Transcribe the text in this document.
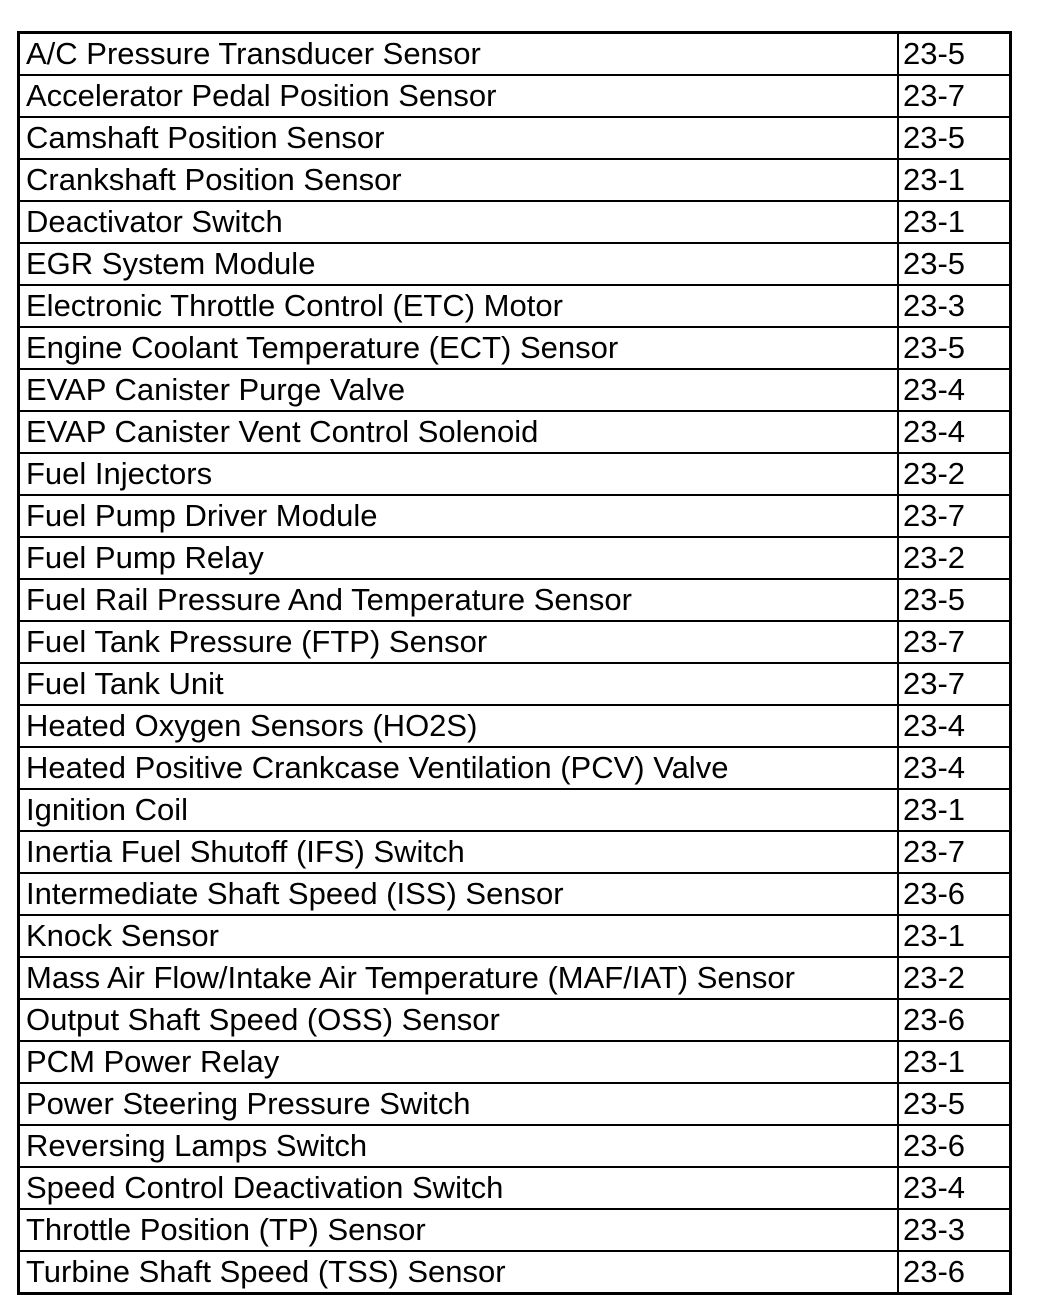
A/C Pressure Transducer Sensor	23-5
Accelerator Pedal Position Sensor	23-7
Camshaft Position Sensor	23-5
Crankshaft Position Sensor	23-1
Deactivator Switch	23-1
EGR System Module	23-5
Electronic Throttle Control (ETC) Motor	23-3
Engine Coolant Temperature (ECT) Sensor	23-5
EVAP Canister Purge Valve	23-4
EVAP Canister Vent Control Solenoid	23-4
Fuel Injectors	23-2
Fuel Pump Driver Module	23-7
Fuel Pump Relay	23-2
Fuel Rail Pressure And Temperature Sensor	23-5
Fuel Tank Pressure (FTP) Sensor	23-7
Fuel Tank Unit	23-7
Heated Oxygen Sensors (HO2S)	23-4
Heated Positive Crankcase Ventilation (PCV) Valve	23-4
Ignition Coil	23-1
Inertia Fuel Shutoff (IFS) Switch	23-7
Intermediate Shaft Speed (ISS) Sensor	23-6
Knock Sensor	23-1
Mass Air Flow/Intake Air Temperature (MAF/IAT) Sensor	23-2
Output Shaft Speed (OSS) Sensor	23-6
PCM Power Relay	23-1
Power Steering Pressure Switch	23-5
Reversing Lamps Switch	23-6
Speed Control Deactivation Switch	23-4
Throttle Position (TP) Sensor	23-3
Turbine Shaft Speed (TSS) Sensor	23-6
